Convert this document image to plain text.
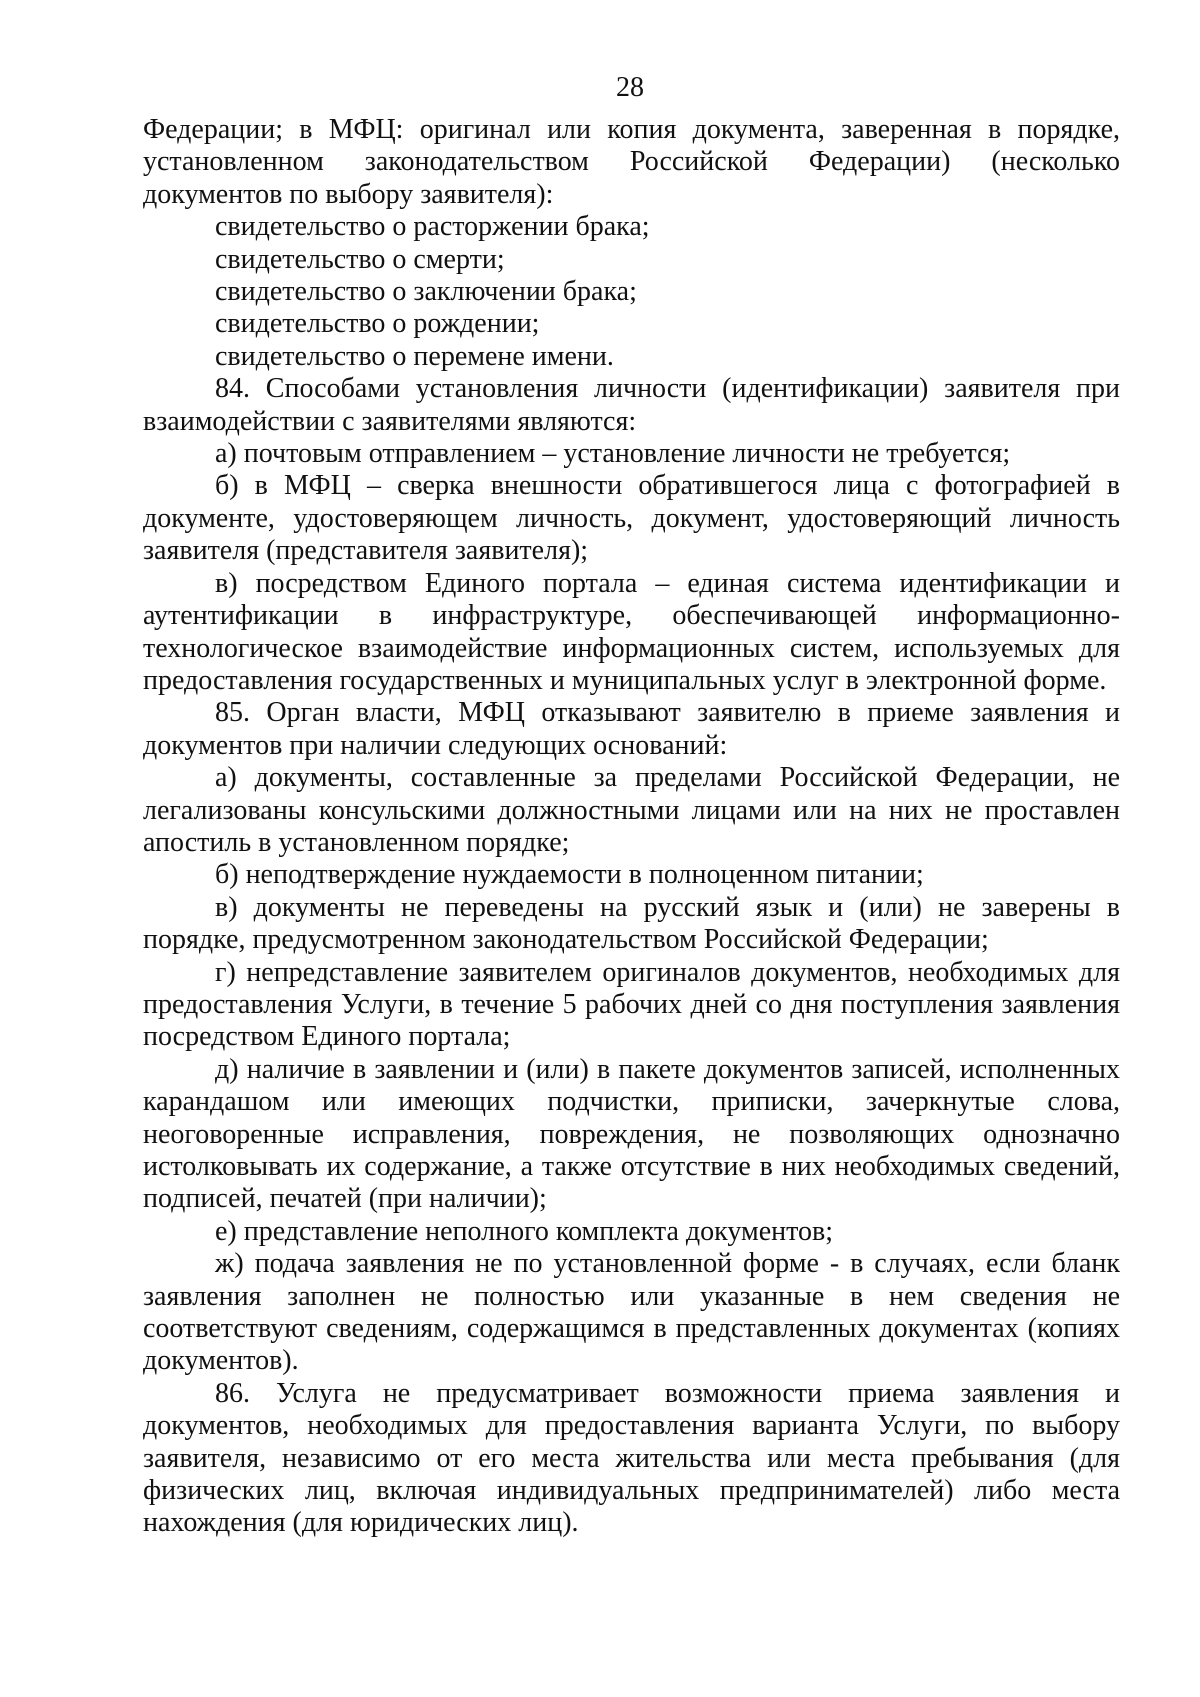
28

Федерации; в МФЦ: оригинал или копия документа, заверенная в порядке, установленном законодательством Российской Федерации) (несколько документов по выбору заявителя):

свидетельство о расторжении брака;

свидетельство о смерти;

свидетельство о заключении брака;

свидетельство о рождении;

свидетельство о перемене имени.

84. Способами установления личности (идентификации) заявителя при взаимодействии с заявителями являются:

а) почтовым отправлением – установление личности не требуется;

б) в МФЦ – сверка внешности обратившегося лица с фотографией в документе, удостоверяющем личность, документ, удостоверяющий личность заявителя (представителя заявителя);

в) посредством Единого портала – единая система идентификации и аутентификации в инфраструктуре, обеспечивающей информационно-технологическое взаимодействие информационных систем, используемых для предоставления государственных и муниципальных услуг в электронной форме.

85. Орган власти, МФЦ отказывают заявителю в приеме заявления и документов при наличии следующих оснований:

а) документы, составленные за пределами Российской Федерации, не легализованы консульскими должностными лицами или на них не проставлен апостиль в установленном порядке;

б) неподтверждение нуждаемости в полноценном питании;

в) документы не переведены на русский язык и (или) не заверены в порядке, предусмотренном законодательством Российской Федерации;

г) непредставление заявителем оригиналов документов, необходимых для предоставления Услуги, в течение 5 рабочих дней со дня поступления заявления посредством Единого портала;

д) наличие в заявлении и (или) в пакете документов записей, исполненных карандашом или имеющих подчистки, приписки, зачеркнутые слова, неоговоренные исправления, повреждения, не позволяющих однозначно истолковывать их содержание, а также отсутствие в них необходимых сведений, подписей, печатей (при наличии);

е) представление неполного комплекта документов;

ж) подача заявления не по установленной форме - в случаях, если бланк заявления заполнен не полностью или указанные в нем сведения не соответствуют сведениям, содержащимся в представленных документах (копиях документов).

86. Услуга не предусматривает возможности приема заявления и документов, необходимых для предоставления варианта Услуги, по выбору заявителя, независимо от его места жительства или места пребывания (для физических лиц, включая индивидуальных предпринимателей) либо места нахождения (для юридических лиц).
